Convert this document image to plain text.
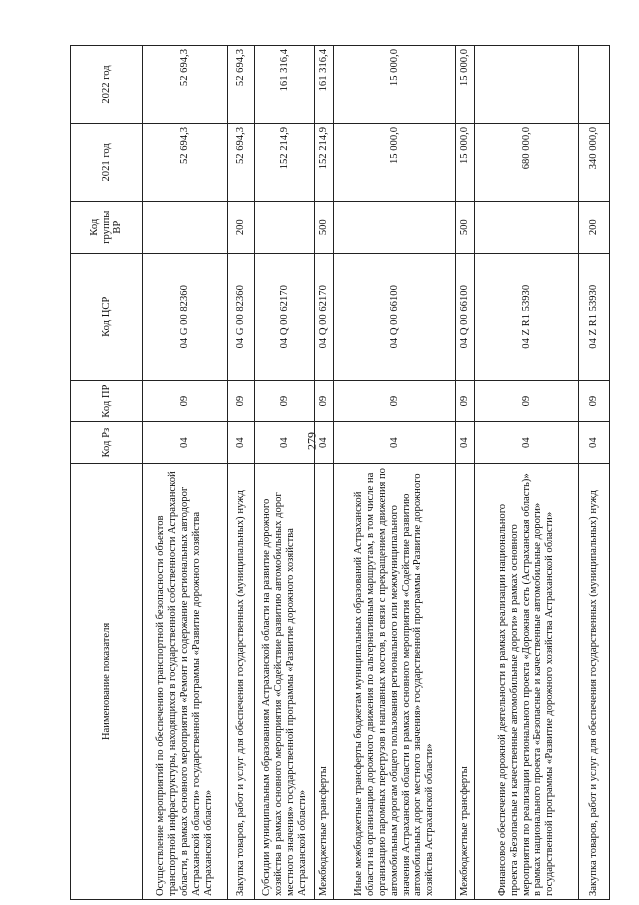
279
Наименование показателя	Код Рз	Код ПР	Код ЦСР	Код группы ВР	2021 год	2022 год
Осуществление мероприятий по обеспечению транспортной безопасности объектов транспортной инфраструктуры, находящихся в государственной собственности Астраханской области, в рамках основного мероприятия «Ремонт и содержание региональных автодорог Астраханской области» государственной программы «Развитие дорожного хозяйства Астраханской области»	04	09	04 G 00 82360		52 694,3	52 694,3
Закупка товаров, работ и услуг для обеспечения государственных (муниципальных) нужд	04	09	04 G 00 82360	200	52 694,3	52 694,3
Субсидии муниципальным образованиям Астраханской области на развитие дорожного хозяйства в рамках основного мероприятия «Содействие развитию автомобильных дорог местного значения» государственной программы «Развитие дорожного хозяйства Астраханской области»	04	09	04 Q 00 62170		152 214,9	161 316,4
Межбюджетные трансферты	04	09	04 Q 00 62170	500	152 214,9	161 316,4
Иные межбюджетные трансферты бюджетам муниципальных образований Астраханской области на организацию дорожного движения по альтернативным маршрутам, в том числе на организацию паромных перегрузов и наплавных мостов, в связи с прекращением движения по автомобильным дорогам общего пользования регионального или межмуниципального значения Астраханской области в рамках основного мероприятия «Содействие развитию автомобильных дорог местного значения» государственной программы «Развитие дорожного хозяйства Астраханской области»	04	09	04 Q 00 66100		15 000,0	15 000,0
Межбюджетные трансферты	04	09	04 Q 00 66100	500	15 000,0	15 000,0
Финансовое обеспечение дорожной деятельности в рамках реализации национального проекта «Безопасные и качественные автомобильные дороги» в рамках основного мероприятия по реализации регионального проекта «Дорожная сеть (Астраханская область)» в рамках национального проекта «Безопасные и качественные автомобильные дороги» государственной программы «Развитие дорожного хозяйства Астраханской области»	04	09	04 Z R1 53930		680 000,0	
Закупка товаров, работ и услуг для обеспечения государственных (муниципальных) нужд	04	09	04 Z R1 53930	200	340 000,0	
